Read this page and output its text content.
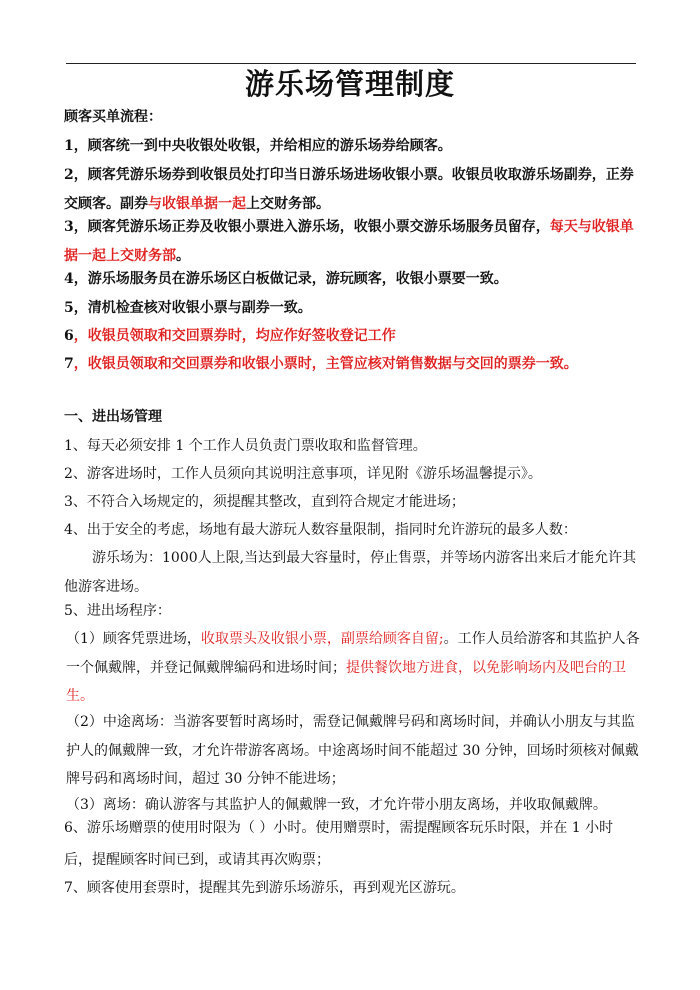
游乐场管理制度

顾客买单流程：

1，顾客统一到中央收银处收银，并给相应的游乐场券给顾客。

2，顾客凭游乐场券到收银员处打印当日游乐场进场收银小票。收银员收取游乐场副券，正券交顾客。副券与收银单据一起上交财务部。

3，顾客凭游乐场正券及收银小票进入游乐场，收银小票交游乐场服务员留存，每天与收银单据一起上交财务部。

4，游乐场服务员在游乐场区白板做记录，游玩顾客，收银小票要一致。

5，清机检查核对收银小票与副券一致。

6，收银员领取和交回票券时，均应作好签收登记工作

7，收银员领取和交回票券和收银小票时，主管应核对销售数据与交回的票券一致。

一、进出场管理

1、每天必须安排 1 个工作人员负责门票收取和监督管理。

2、游客进场时，工作人员须向其说明注意事项，详见附《游乐场温馨提示》。

3、不符合入场规定的，须提醒其整改，直到符合规定才能进场；

4、出于安全的考虑，场地有最大游玩人数容量限制，指同时允许游玩的最多人数：

游乐场为：1000人上限,当达到最大容量时，停止售票，并等场内游客出来后才能允许其他游客进场。

5、进出场程序：

（1）顾客凭票进场，收取票头及收银小票，副票给顾客自留;。工作人员给游客和其监护人各一个佩戴牌，并登记佩戴牌编码和进场时间；提供餐饮地方进食，以免影响场内及吧台的卫生。

（2）中途离场：当游客要暂时离场时，需登记佩戴牌号码和离场时间，并确认小朋友与其监护人的佩戴牌一致，才允许带游客离场。中途离场时间不能超过 30 分钟，回场时须核对佩戴牌号码和离场时间，超过 30 分钟不能进场；

（3）离场：确认游客与其监护人的佩戴牌一致，才允许带小朋友离场，并收取佩戴牌。

6、游乐场赠票的使用时限为（ ）小时。使用赠票时，需提醒顾客玩乐时限，并在 1 小时

后，提醒顾客时间已到，或请其再次购票；

7、顾客使用套票时，提醒其先到游乐场游乐，再到观光区游玩。
